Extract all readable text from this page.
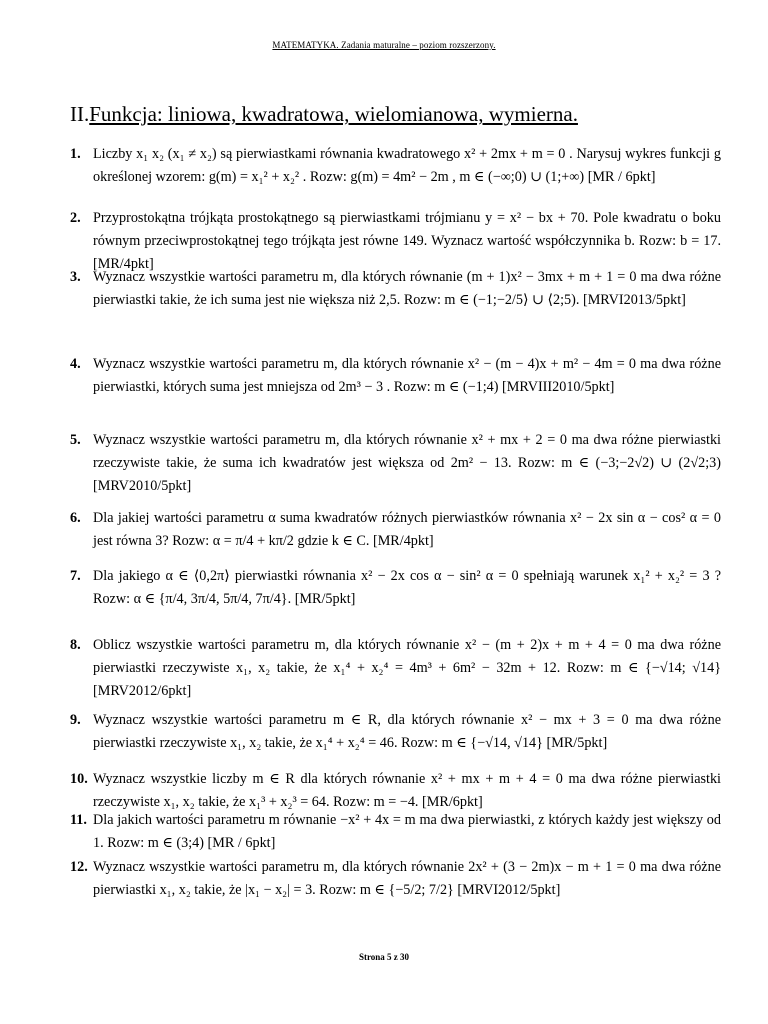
MATEMATYKA. Zadania maturalne – poziom rozszerzony.
II.Funkcja: liniowa, kwadratowa, wielomianowa, wymierna.
1. Liczby x₁ x₂ (x₁ ≠ x₂) są pierwiastkami równania kwadratowego x² + 2mx + m = 0 . Narysuj wykres funkcji g określonej wzorem: g(m) = x₁² + x₂² . Rozw: g(m) = 4m² − 2m , m ∈ (−∞;0) ∪ (1;+∞) [MR / 6pkt]

2. Przyprostokątna trójkąta prostokątnego są pierwiastkami trójmianu y = x² − bx + 70. Pole kwadratu o boku równym przeciwprostokątnej tego trójkąta jest równe 149. Wyznacz wartość współczynnika b. Rozw: b = 17. [MR/4pkt]

3. Wyznacz wszystkie wartości parametru m, dla których równanie (m + 1)x² − 3mx + m + 1 = 0 ma dwa różne pierwiastki takie, że ich suma jest nie większa niż 2,5. Rozw: m ∈ (−1;−2/5⟩ ∪ ⟨2;5). [MRVI2013/5pkt]

4. Wyznacz wszystkie wartości parametru m, dla których równanie x² − (m − 4)x + m² − 4m = 0 ma dwa różne pierwiastki, których suma jest mniejsza od 2m³ − 3 . Rozw: m ∈ (−1;4) [MRVIII2010/5pkt]

5. Wyznacz wszystkie wartości parametru m, dla których równanie x² + mx + 2 = 0 ma dwa różne pierwiastki rzeczywiste takie, że suma ich kwadratów jest większa od 2m² − 13. Rozw: m ∈ (−3;−2√2) ∪ (2√2;3) [MRV2010/5pkt]

6. Dla jakiej wartości parametru α suma kwadratów różnych pierwiastków równania x² − 2x sin α − cos² α = 0 jest równa 3? Rozw: α = π/4 + kπ/2 gdzie k ∈ C. [MR/4pkt]

7. Dla jakiego α ∈ ⟨0,2π⟩ pierwiastki równania x² − 2x cos α − sin² α = 0 spełniają warunek x₁² + x₂² = 3 ? Rozw: α ∈ {π/4, 3π/4, 5π/4, 7π/4}. [MR/5pkt]

8. Oblicz wszystkie wartości parametru m, dla których równanie x² − (m + 2)x + m + 4 = 0 ma dwa różne pierwiastki rzeczywiste x₁, x₂ takie, że x₁⁴ + x₂⁴ = 4m³ + 6m² − 32m + 12. Rozw: m ∈ {−√14; √14} [MRV2012/6pkt]

9. Wyznacz wszystkie wartości parametru m ∈ R, dla których równanie x² − mx + 3 = 0 ma dwa różne pierwiastki rzeczywiste x₁, x₂ takie, że x₁⁴ + x₂⁴ = 46. Rozw: m ∈ {−√14, √14} [MR/5pkt]

10. Wyznacz wszystkie liczby m ∈ R dla których równanie x² + mx + m + 4 = 0 ma dwa różne pierwiastki rzeczywiste x₁, x₂ takie, że x₁³ + x₂³ = 64. Rozw: m = −4. [MR/6pkt]

11. Dla jakich wartości parametru m równanie −x² + 4x = m ma dwa pierwiastki, z których każdy jest większy od 1. Rozw: m ∈ (3;4) [MR / 6pkt]

12. Wyznacz wszystkie wartości parametru m, dla których równanie 2x² + (3 − 2m)x − m + 1 = 0 ma dwa różne pierwiastki x₁, x₂ takie, że |x₁ − x₂| = 3. Rozw: m ∈ {−5/2; 7/2} [MRVI2012/5pkt]

Strona 5 z 30
